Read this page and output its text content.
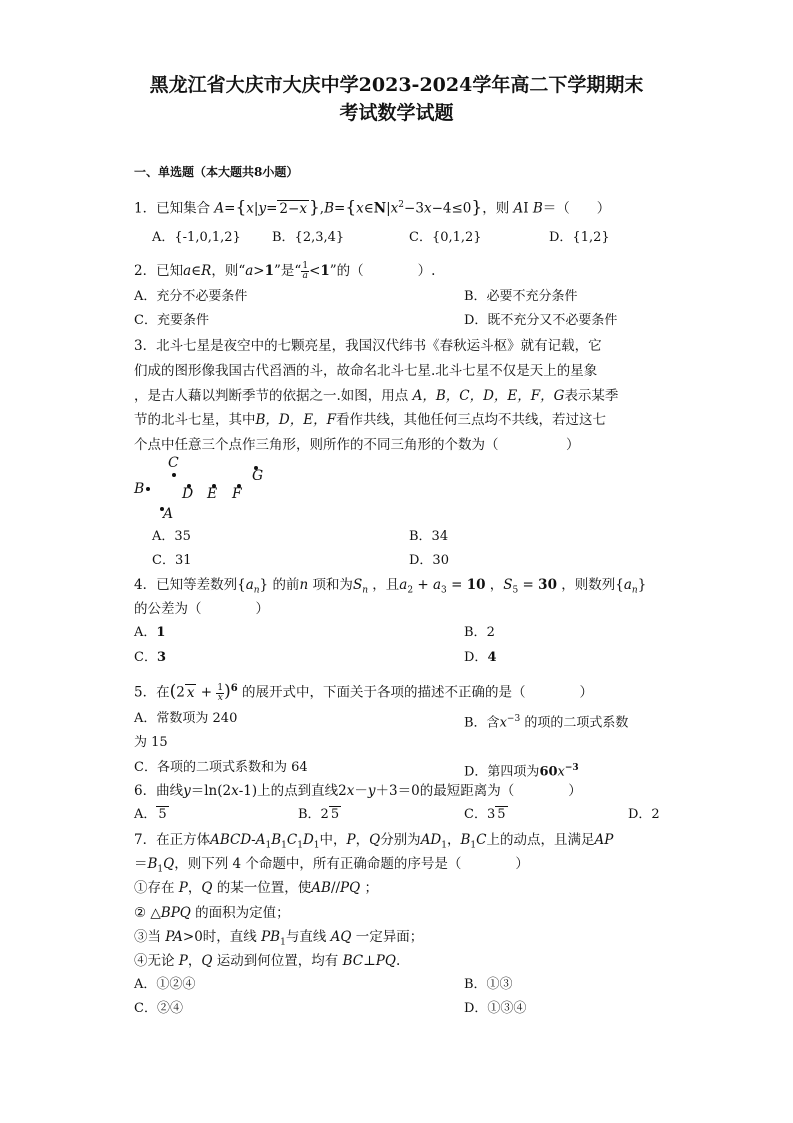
黑龙江省大庆市大庆中学2023-2024学年高二下学期期末
考试数学试题
一、单选题（本大题共8小题）
1．已知集合 A={x|y= 2−x }$,B=\{x\in N|x^2-3x-4\le 0\}$，则 AI B＝（　　）
A．{-1,0,1,2} B．{2,3,4}	C．{0,1,2}	D．{1,2}
2．已知a∈R，则“a>1”是“ $\frac{1}{a} <1$”的（　　　　）.
A．充分不必要条件	B．必要不充分条件
C．充要条件	D．既不充分又不必要条件
3．北斗七星是夜空中的七颗亮星，我国汉代纬书《春秋运斗枢》就有记载，它
们成的图形像我国古代舀酒的斗，故命名北斗七星.北斗七星不仅是天上的星象
，是古人藉以判断季节的依据之一.如图，用点 A，B，C，D，E，F，G表示某季
节的北斗七星，其中B，D，E，F看作共线，其他任何三点均不共线，若过这七
个点中任意三个点作三角形，则所作的不同三角形的个数为（　　　　　）
C
G
B	D E F
A
A．35	B．34
C．31	D．30
4．已知等差数列$\{a_n\}$ 的前n 项和为$S_n$ ，且$a_2 + a_3 = 10$ ，$S_5 = 30$ ，则数列$\{a_n\}$
的公差为（　　　　）
A．1	B．2
C．3	D．4
5．在(2 $x + \frac{1}{x} )^6$ 的展开式中，下面关于各项的描述不正确的是（　　　　）
A．常数项为 240	B．含$x^{-3}$ 的项的二项式系数
为 15
C．各项的二项式系数和为 64	D．第四项为$60x^{-3}$
6．曲线y＝ln(2x-1)上的点到直线2x－y＋3＝0的最短距离为（　　　　）
A． 5	B．2 5	C．3 5	D．2
7．在正方体ABCD-$A_1B_1C_1D_1$中，P，Q分别为$AD_1$，$B_1C$上的动点，且满足AP
$=B_1Q$，则下列 4 个命题中，所有正确命题的序号是（　　　　）
①存在 P，Q 的某一位置，使AB//PQ ；
② △BPQ 的面积为定值；
③当 PA>0时，直线 $PB_1$与直线 AQ 一定异面；
④无论 P，Q 运动到何位置，均有 BC⊥PQ.
A．①②④	B．①③
C．②④	D．①③④
